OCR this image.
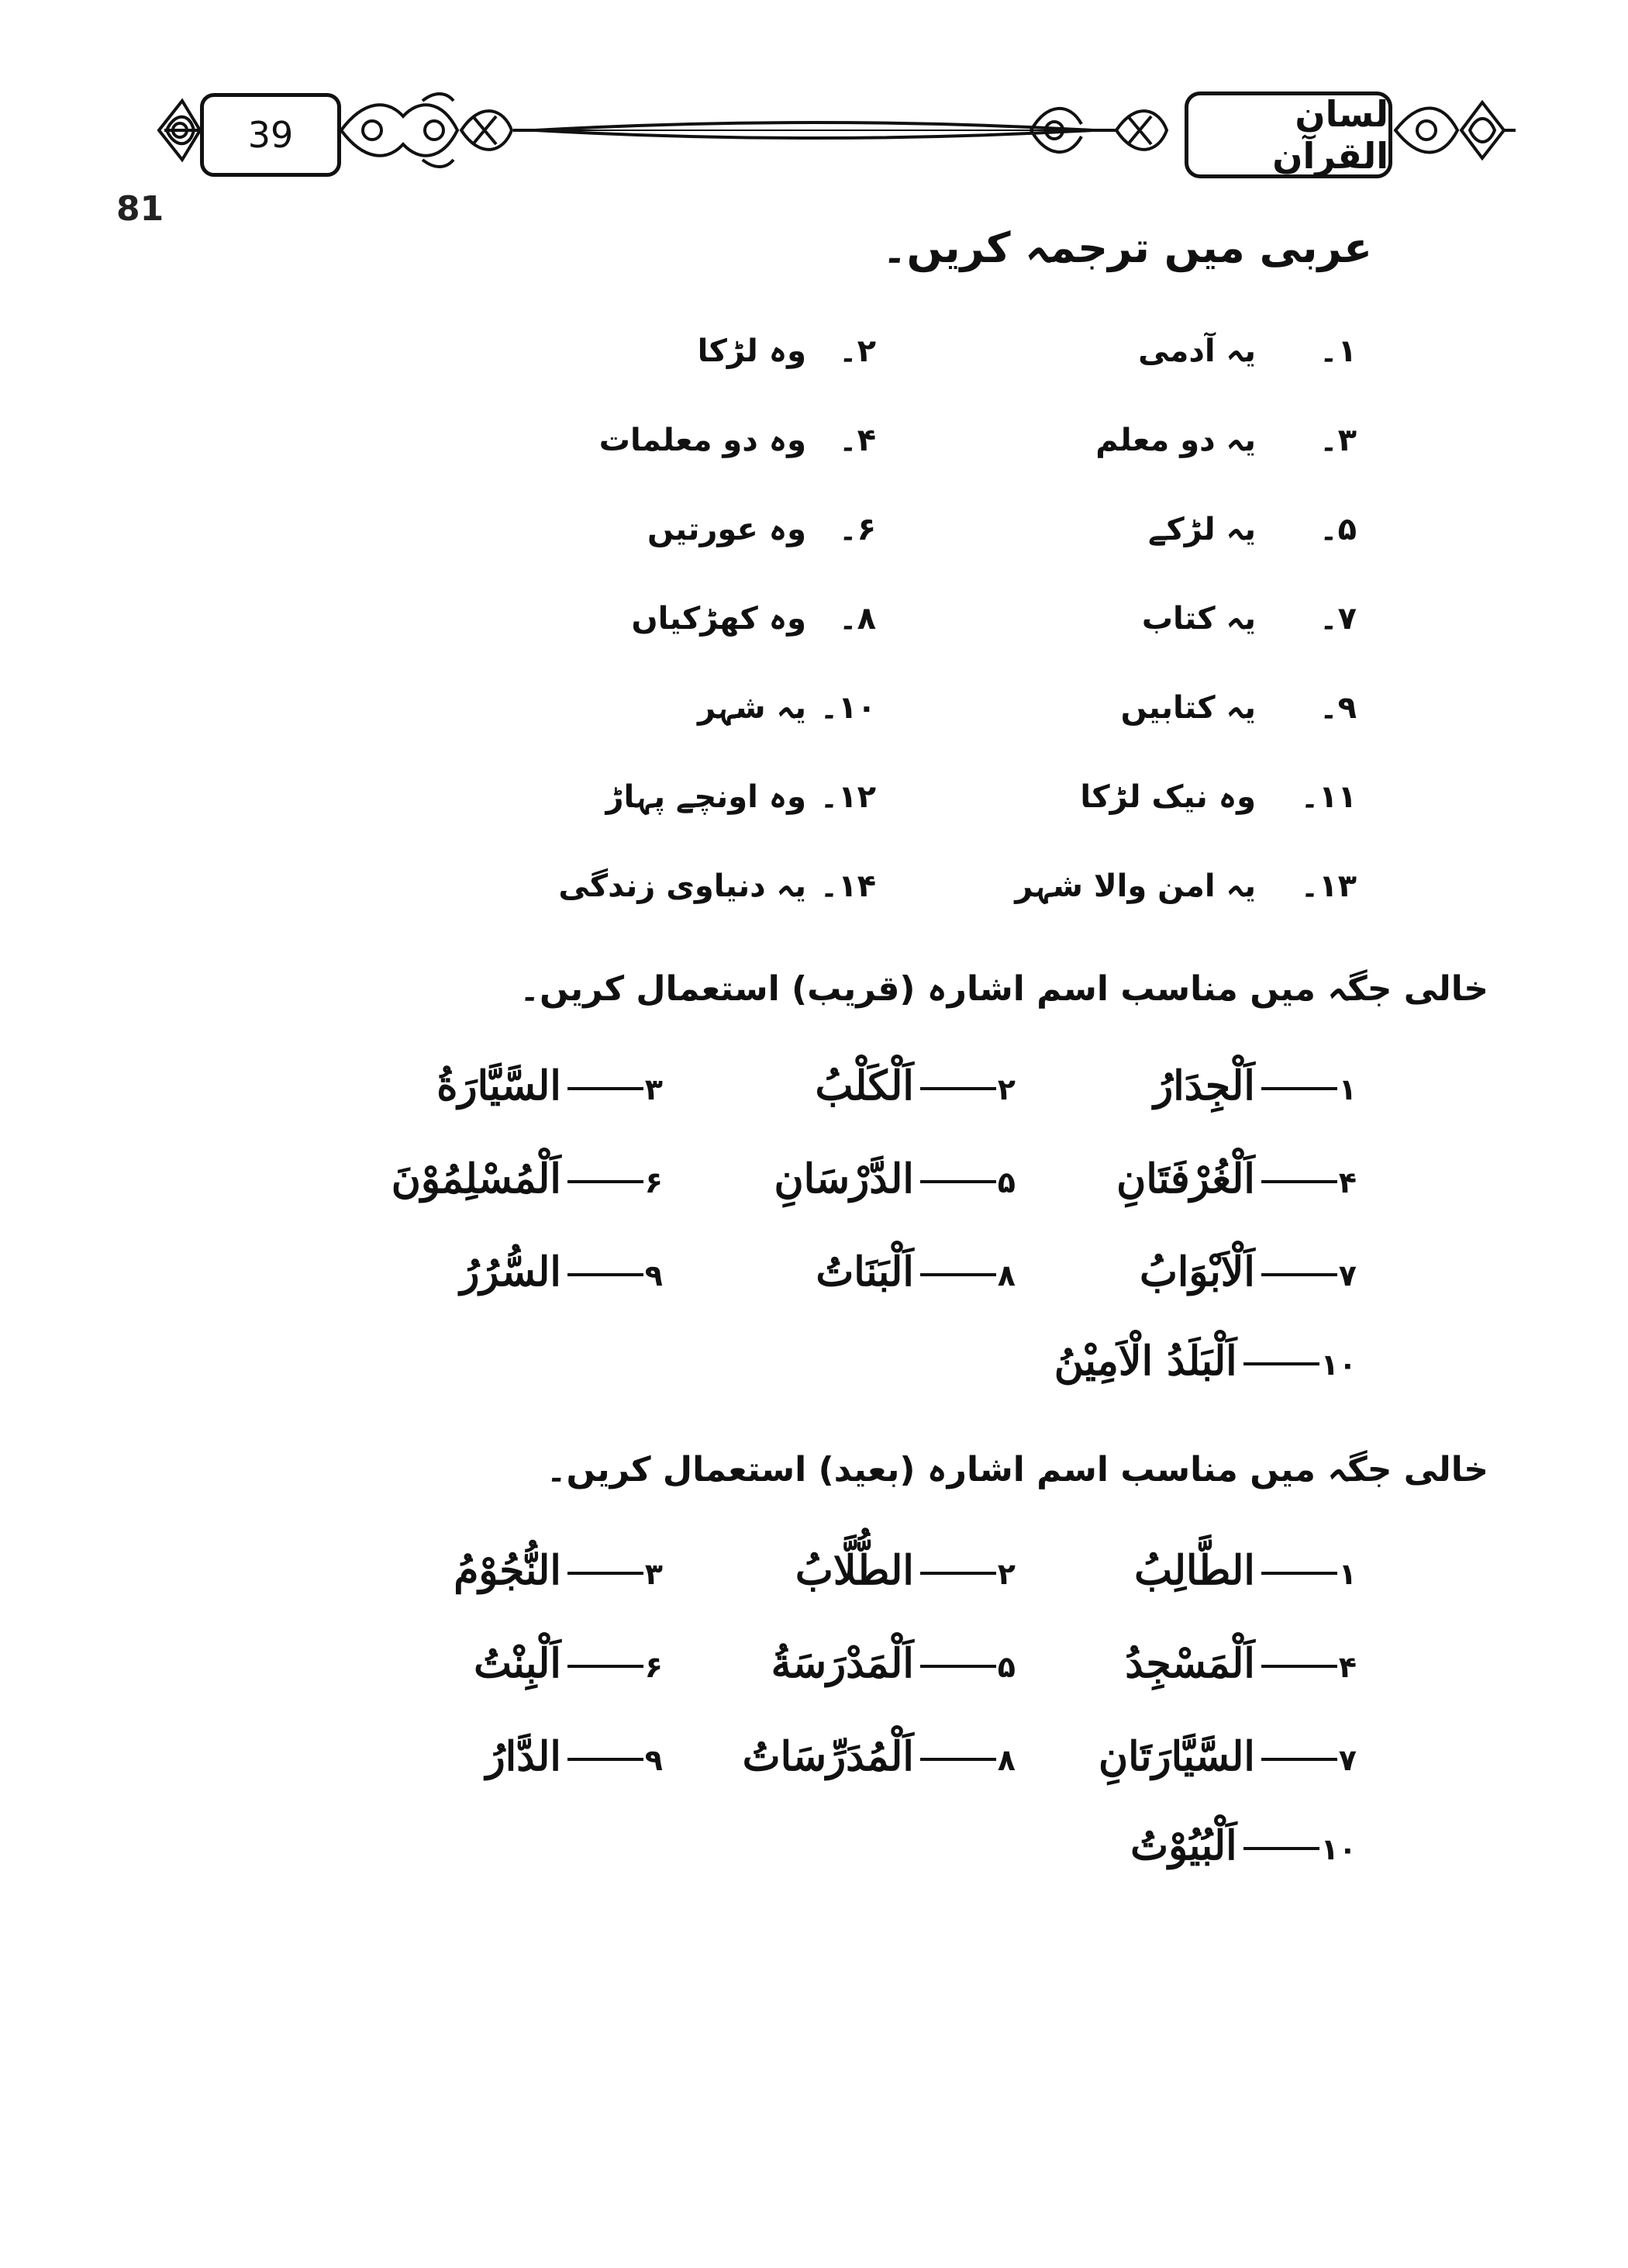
39	لسان القرآن
81
عربی میں ترجمہ کریں۔
۱۔
یہ آدمی
۲۔
وہ لڑکا
۳۔
یہ دو معلم
۴۔
وہ دو معلمات
۵۔
یہ لڑکے
۶۔
وہ عورتیں
۷۔
یہ کتاب
۸۔
وہ کھڑکیاں
۹۔
یہ کتابیں
۱۰۔
یہ شہر
۱۱۔
وہ نیک لڑکا
۱۲۔
وہ اونچے پہاڑ
۱۳۔
یہ امن والا شہر
۱۴۔
یہ دنیاوی زندگی
خالی جگہ میں مناسب اسم اشارہ (قریب) استعمال کریں۔
۱
اَلْجِدَارُ
۲
اَلْكَلْبُ
۳
السَّيَّارَةُ
۴
اَلْغُرْفَتَانِ
۵
الدَّرْسَانِ
۶
اَلْمُسْلِمُوْنَ
۷
اَلْاَبْوَابُ
۸
اَلْبَنَاتُ
۹
السُّرُرُ
۱۰
اَلْبَلَدُ الْاَمِيْنُ
خالی جگہ میں مناسب اسم اشارہ (بعید) استعمال کریں۔
۱
الطَّالِبُ
۲
الطُّلَّابُ
۳
النُّجُوْمُ
۴
اَلْمَسْجِدُ
۵
اَلْمَدْرَسَةُ
۶
اَلْبِنْتُ
۷
السَّيَّارَتَانِ
۸
اَلْمُدَرِّسَاتُ
۹
الدَّارُ
۱۰
اَلْبُيُوْتُ
